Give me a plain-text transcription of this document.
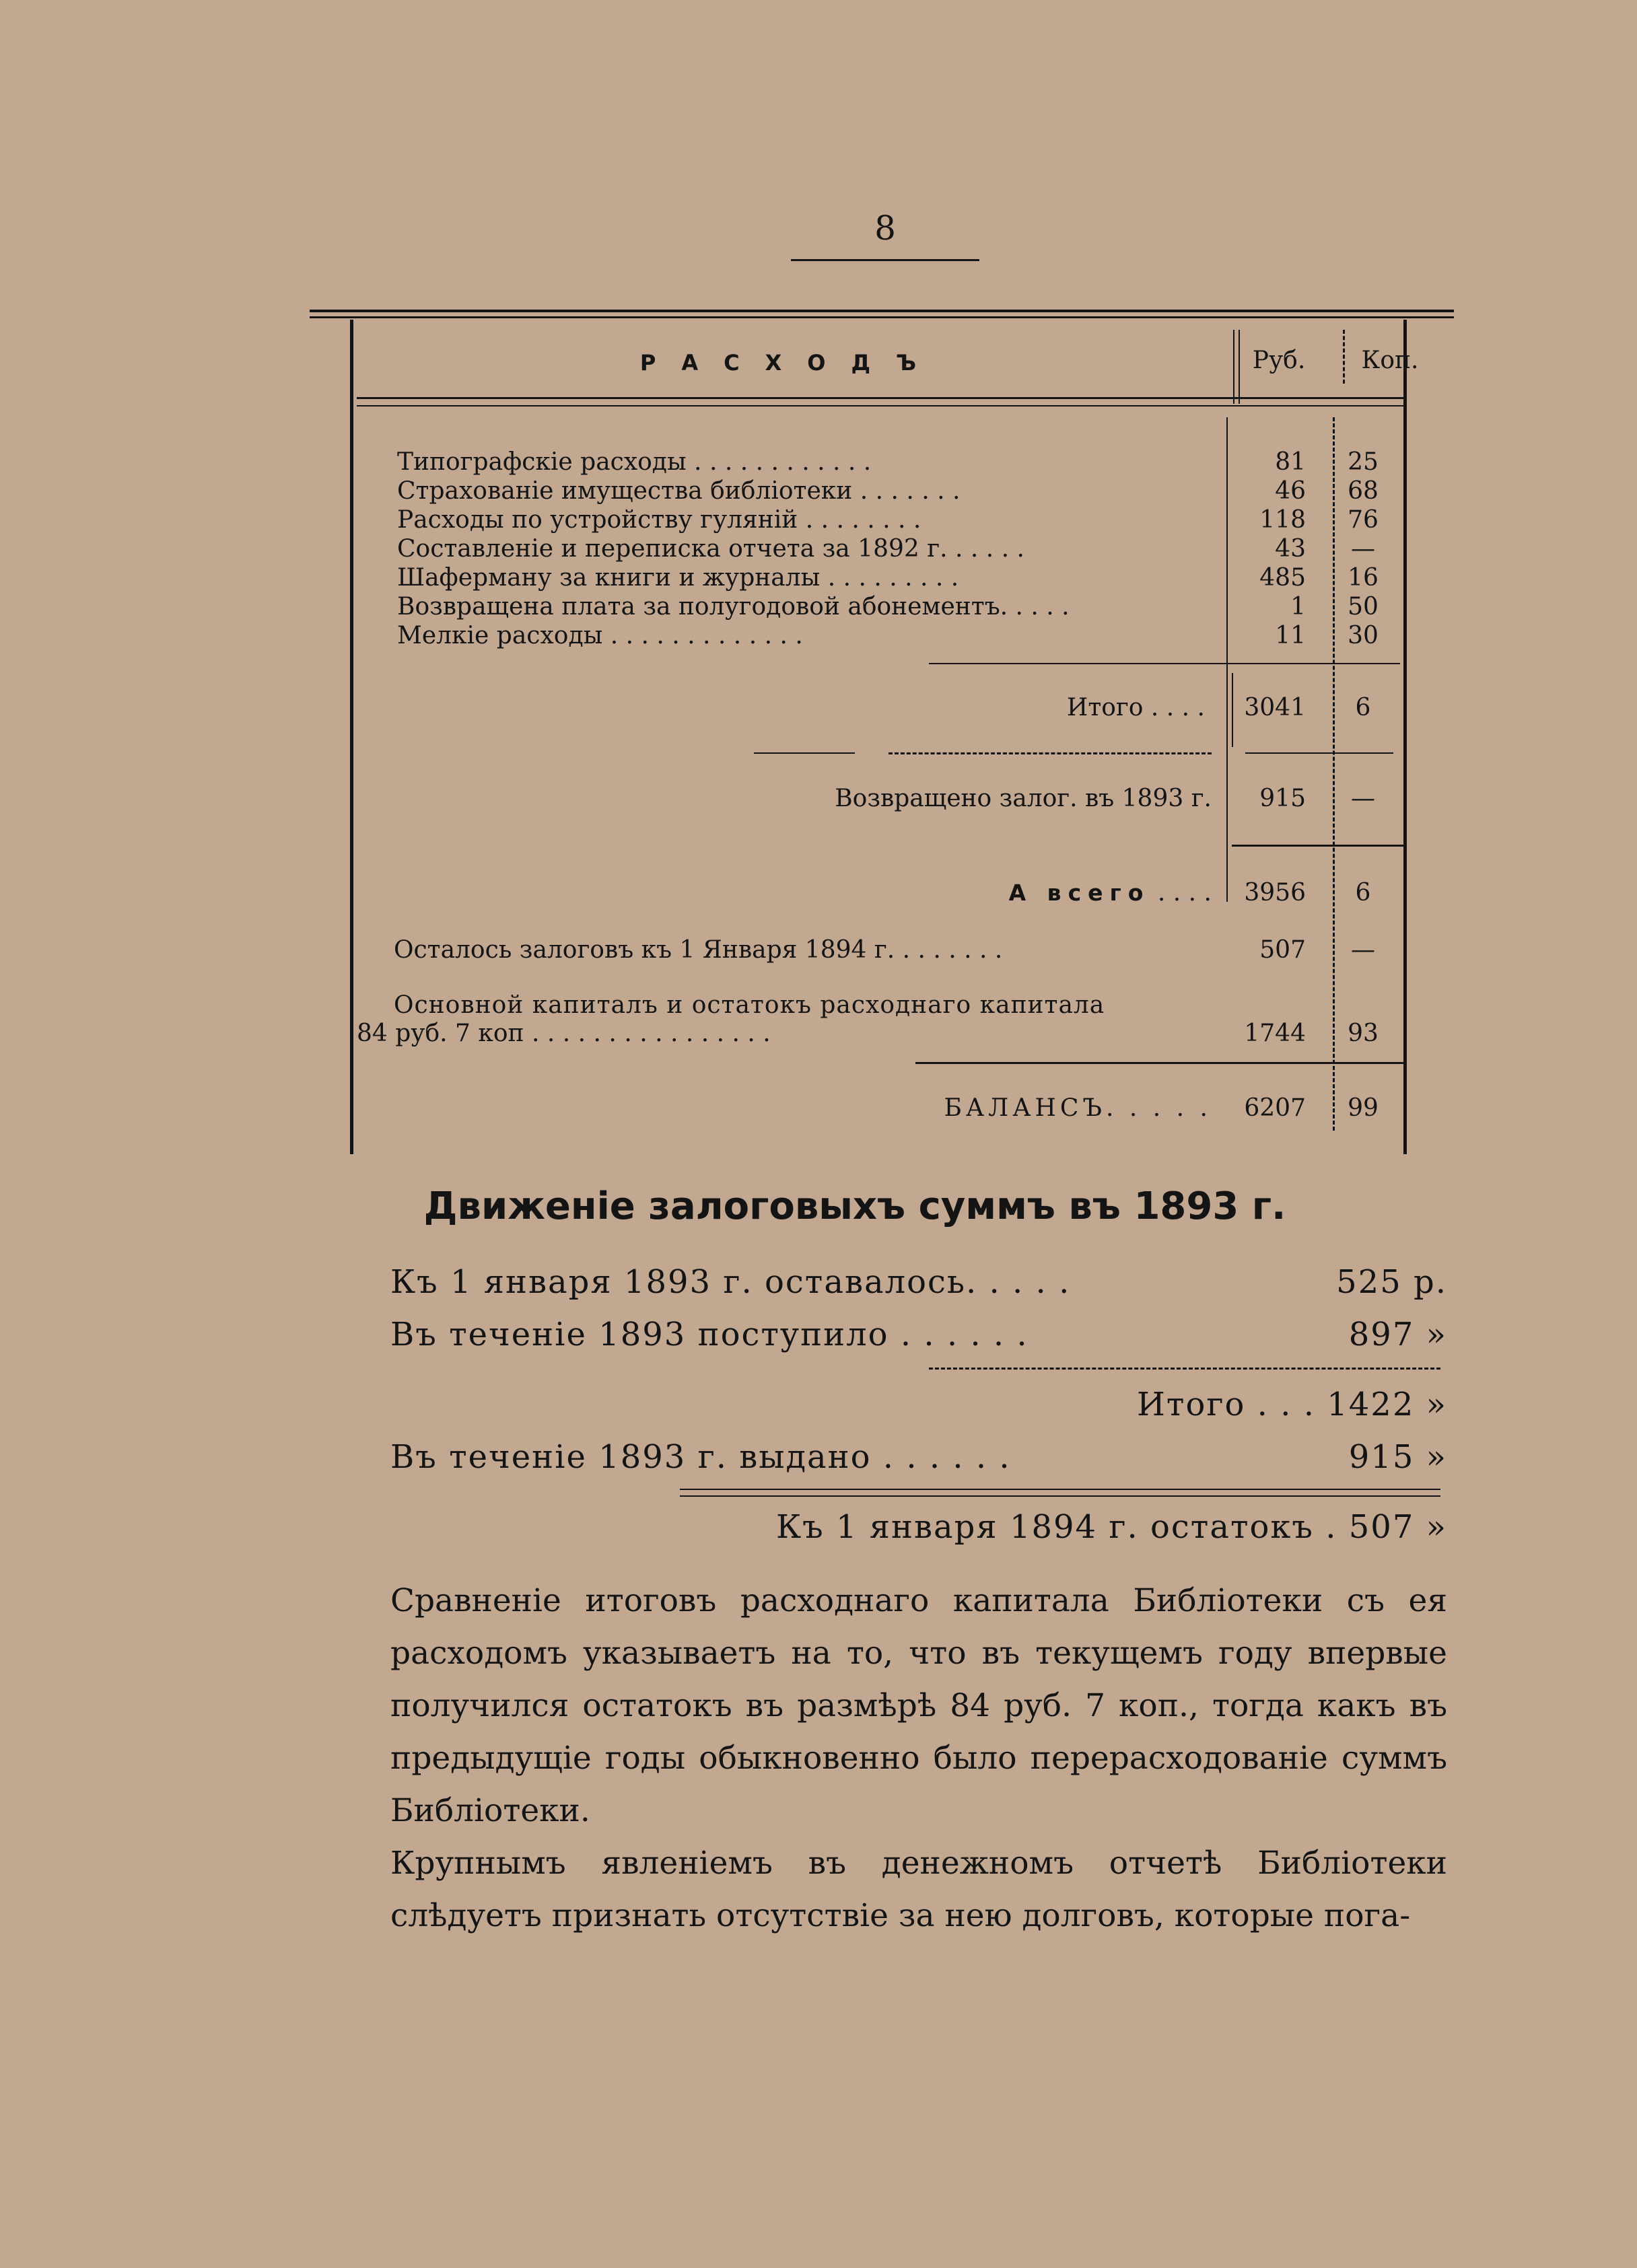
8
РАСХОДЪ	Руб.	Коп.
Типографскіе расходы . . . . . . . . . . . .	81	25
Страхованіе имущества библіотеки . . . . . . .	46	68
Расходы по устройству гуляній . . . . . . . .	118	76
Составленіе и переписка отчета за 1892 г. . . . . .	43	—
Шаферману за книги и журналы . . . . . . . . .	485	16
Возвращена плата за полугодовой абонементъ. . . . .	1	50
Мелкіе расходы . . . . . . . . . . . . .	11	30
Итого . . . .	3041	6
Возвращено залог. въ 1893 г.	915	—
А всего . . . .	3956	6
Осталось залоговъ къ 1 Января 1894 г. . . . . . . .	507	—
Основной капиталъ и остатокъ расходнаго капитала
84 руб. 7 коп . . . . . . . . . . . . . . . .	1744	93
БАЛАНСЪ. . . . .	6207	99
Движеніе залоговыхъ суммъ въ 1893 г.
Къ 1 января 1893 г. оставалось. . . . .	525 р.
Въ теченіе 1893 поступило . . . . . .	897 »
Итого . . . 1422 »
Въ теченіе 1893 г. выдано . . . . . .	915 »
Къ 1 января 1894 г. остатокъ . 507 »
Сравненіе итоговъ расходнаго капитала Библіотеки съ ея расходомъ указываетъ на то, что въ текущемъ году впервые получился остатокъ въ размѣрѣ 84 руб. 7 коп., тогда какъ въ предыдущіе годы обыкновенно было перерасходованіе суммъ Библіотеки.
Крупнымъ явленіемъ въ денежномъ отчетѣ Библіотеки слѣдуетъ признать отсутствіе за нею долговъ, которые пога-
